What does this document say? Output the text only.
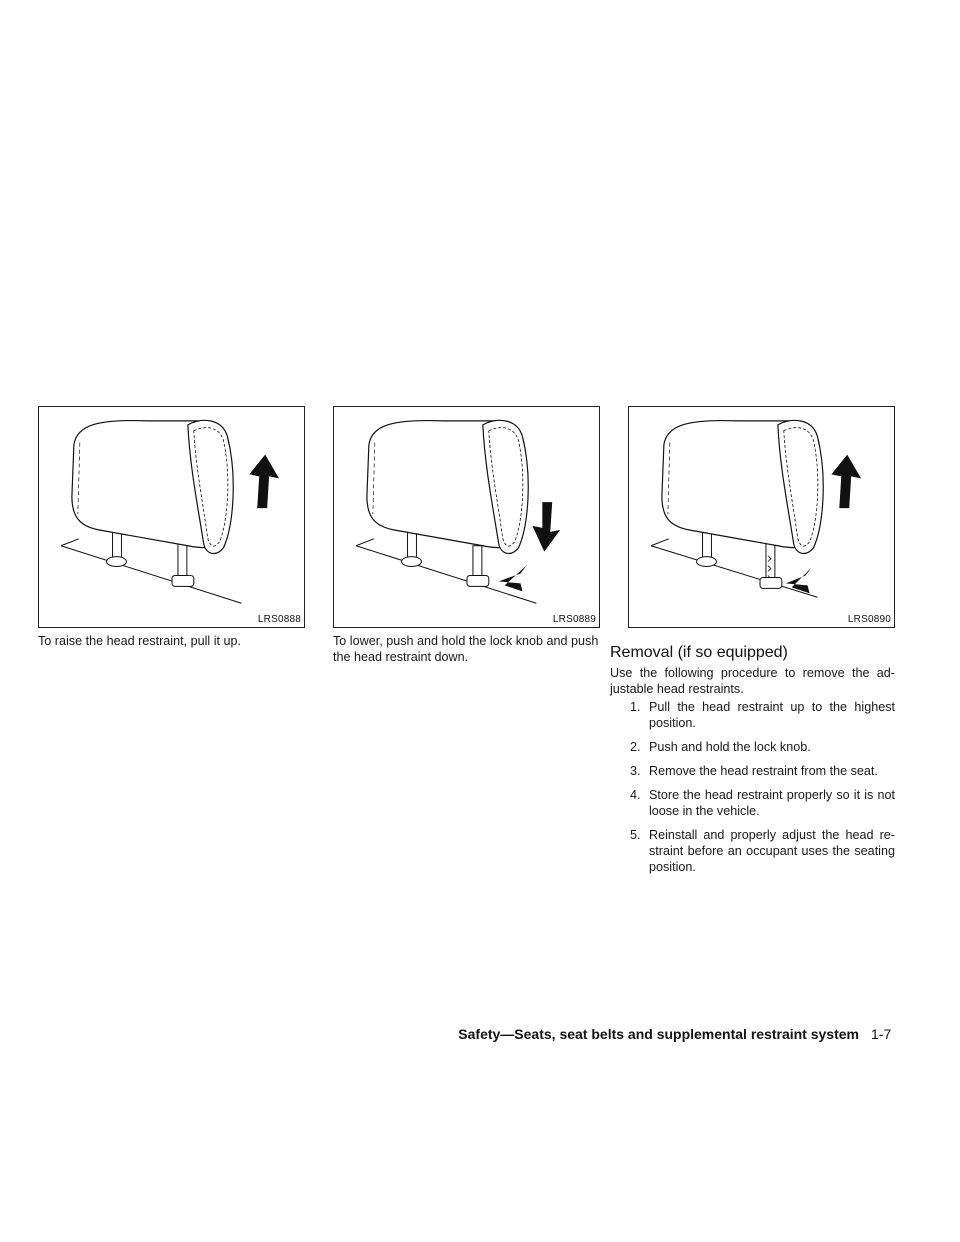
LRS0888	LRS0889	LRS0890

To raise the head restraint, pull it up.	To lower, push and hold the lock knob and push the head restraint down.	Removal (if so equipped)

Use the following procedure to remove the ad-justable head restraints.

1. Pull the head restraint up to the highest position.
2. Push and hold the lock knob.
3. Remove the head restraint from the seat.
4. Store the head restraint properly so it is not loose in the vehicle.
5. Reinstall and properly adjust the head re-straint before an occupant uses the seating position.
Safety—Seats, seat belts and supplemental restraint system 1-7
